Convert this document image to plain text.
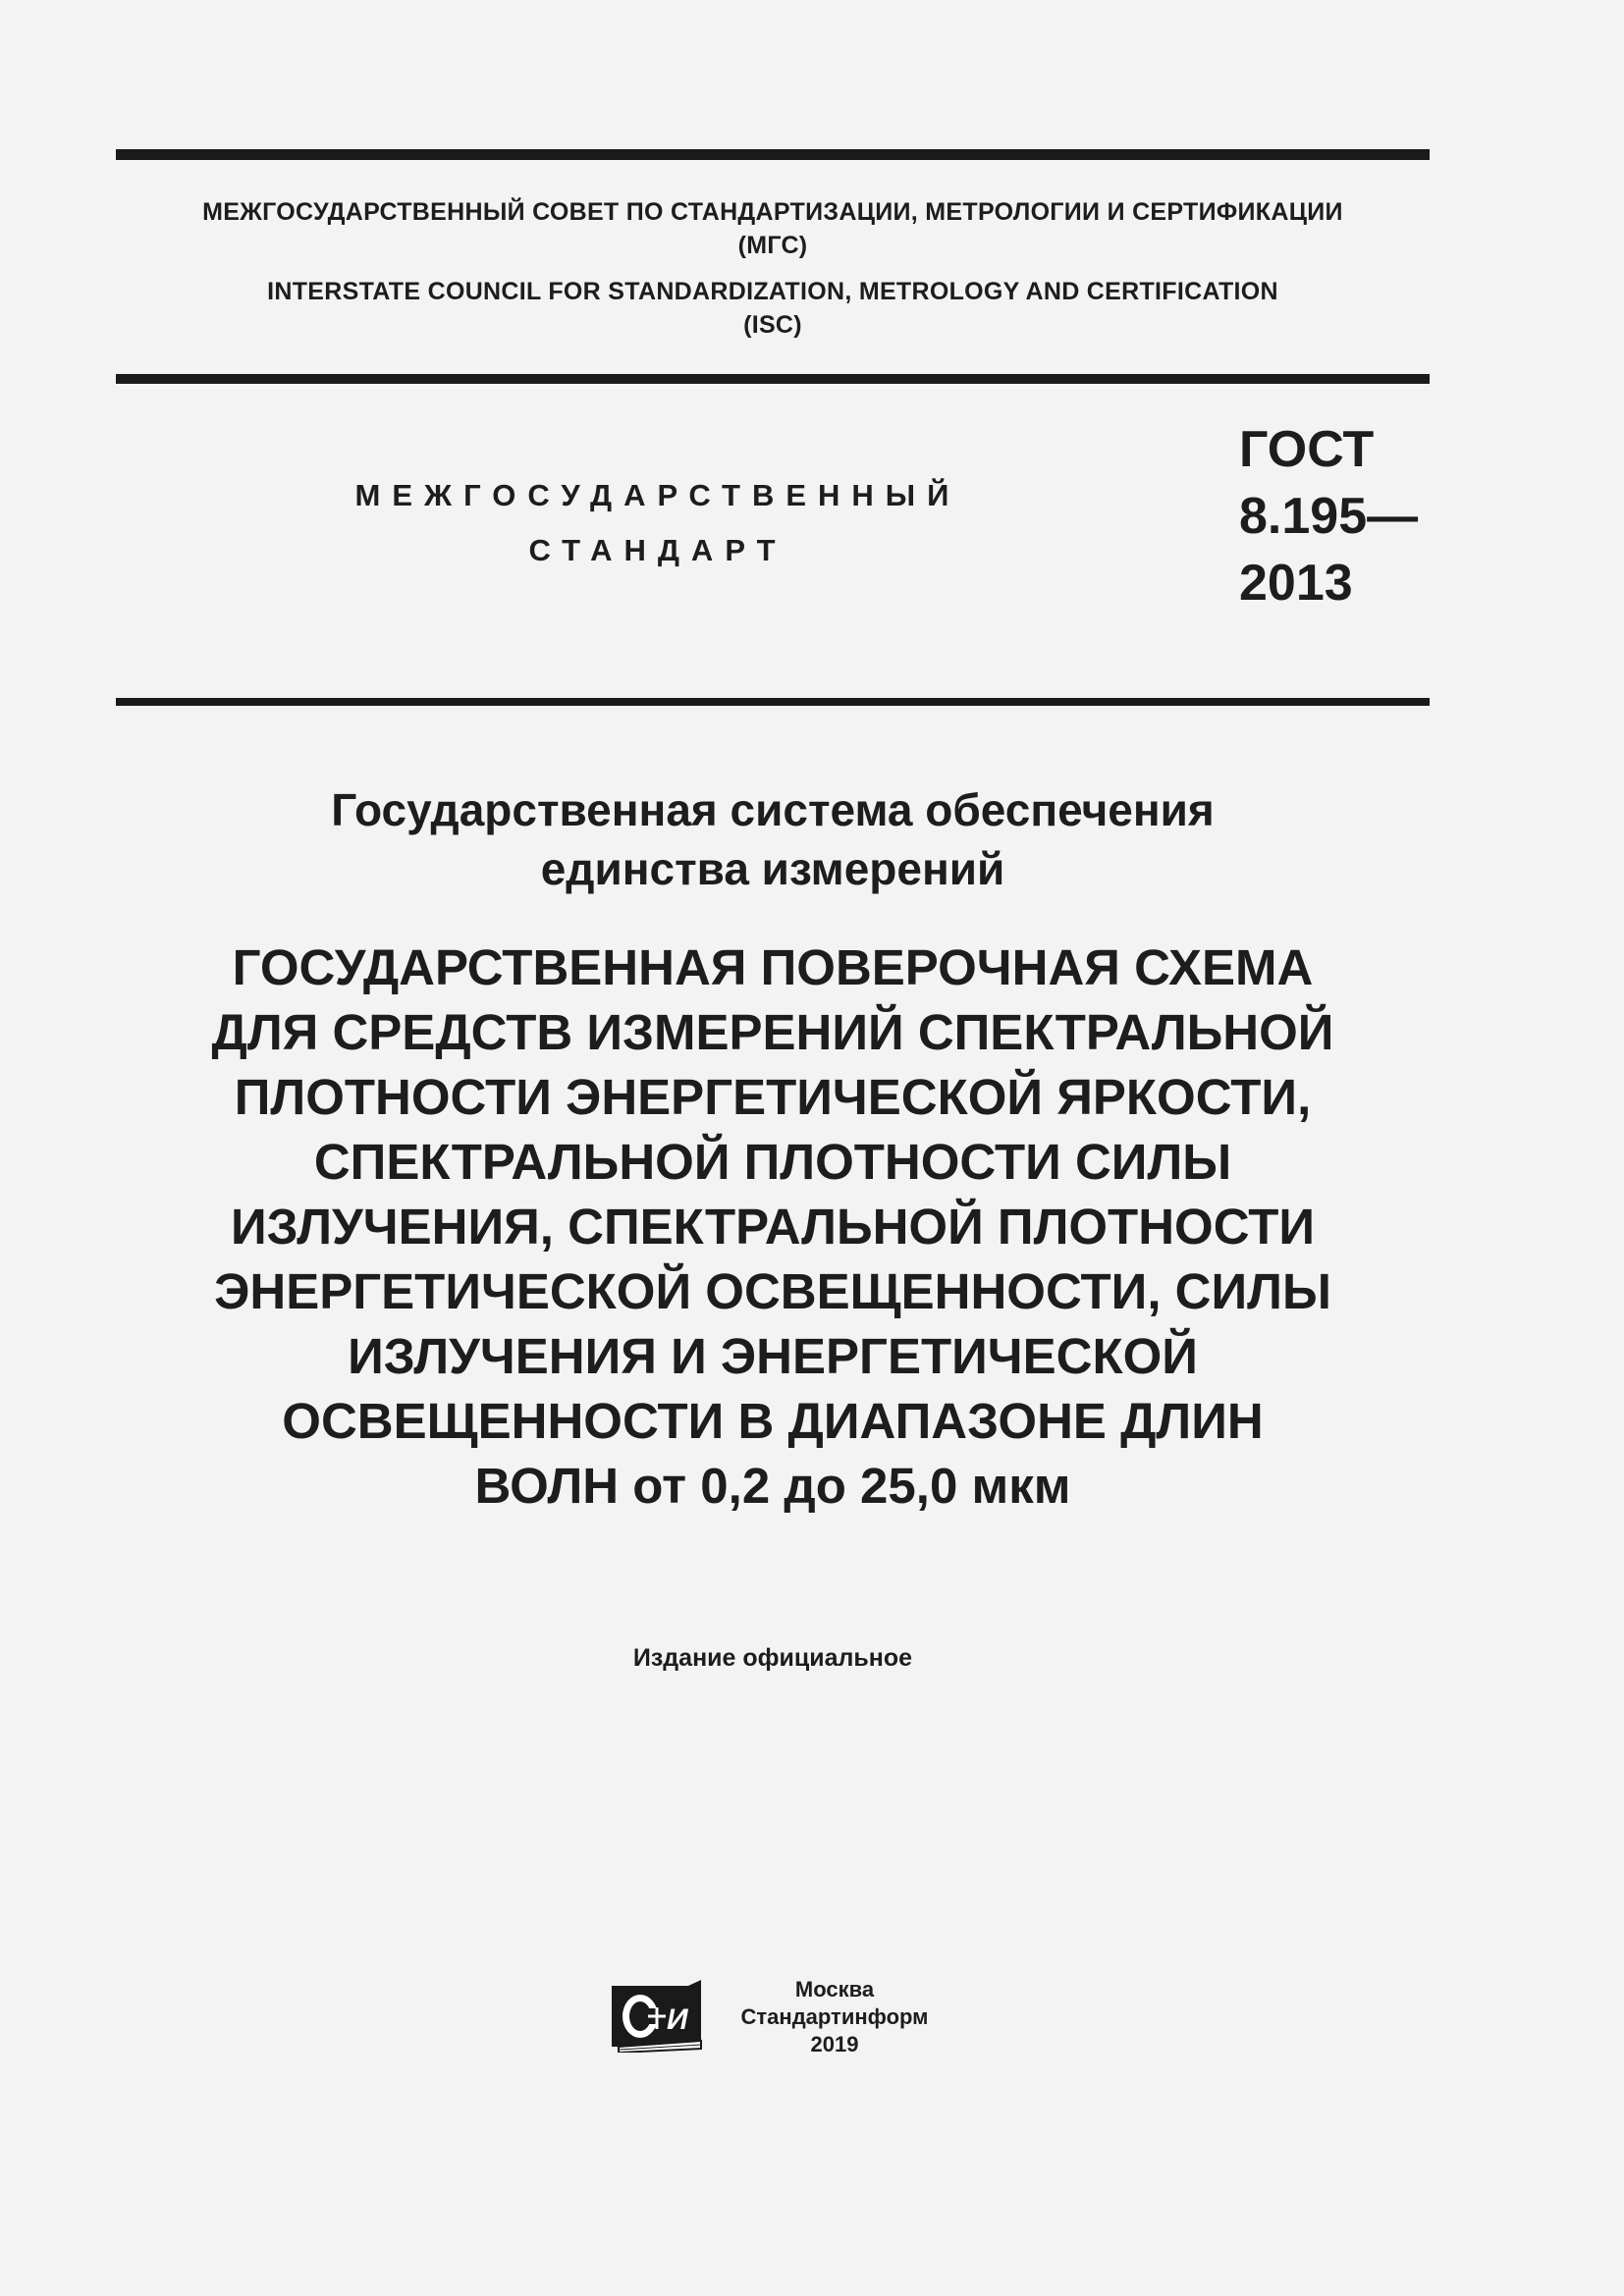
МЕЖГОСУДАРСТВЕННЫЙ СОВЕТ ПО СТАНДАРТИЗАЦИИ, МЕТРОЛОГИИ И СЕРТИФИКАЦИИ
(МГС)
INTERSTATE COUNCIL FOR STANDARDIZATION, METROLOGY AND CERTIFICATION
(ISC)
МЕЖГОСУДАРСТВЕННЫЙ
СТАНДАРТ
ГОСТ
8.195—
2013
Государственная система обеспечения
единства измерений
ГОСУДАРСТВЕННАЯ ПОВЕРОЧНАЯ СХЕМА
ДЛЯ СРЕДСТВ ИЗМЕРЕНИЙ СПЕКТРАЛЬНОЙ
ПЛОТНОСТИ ЭНЕРГЕТИЧЕСКОЙ ЯРКОСТИ,
СПЕКТРАЛЬНОЙ ПЛОТНОСТИ СИЛЫ
ИЗЛУЧЕНИЯ, СПЕКТРАЛЬНОЙ ПЛОТНОСТИ
ЭНЕРГЕТИЧЕСКОЙ ОСВЕЩЕННОСТИ, СИЛЫ
ИЗЛУЧЕНИЯ И ЭНЕРГЕТИЧЕСКОЙ
ОСВЕЩЕННОСТИ В ДИАПАЗОНЕ ДЛИН
ВОЛН от 0,2 до 25,0 мкм
Издание официальное
И
Москва
Стандартинформ
2019
